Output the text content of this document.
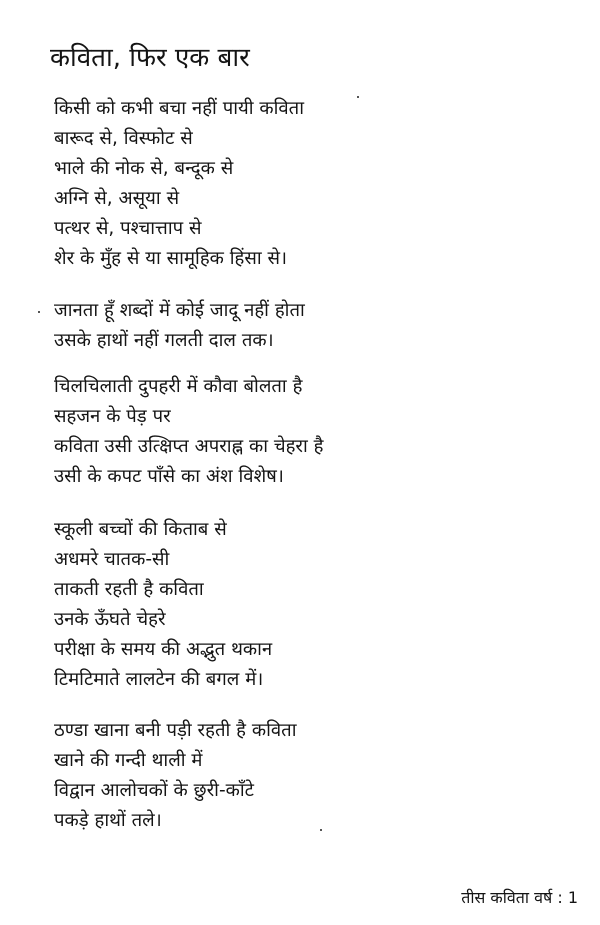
कविता, फिर एक बार
किसी को कभी बचा नहीं पायी कविता
बारूद से, विस्फोट से
भाले की नोक से, बन्दूक से
अग्नि से, असूया से
पत्थर से, पश्चात्ताप से
शेर के मुँह से या सामूहिक हिंसा से।
जानता हूँ शब्दों में कोई जादू नहीं होता
उसके हाथों नहीं गलती दाल तक।
चिलचिलाती दुपहरी में कौवा बोलता है
सहजन के पेड़ पर
कविता उसी उत्क्षिप्त अपराह्न का चेहरा है
उसी के कपट पाँसे का अंश विशेष।
स्कूली बच्चों की किताब से
अधमरे चातक-सी
ताकती रहती है कविता
उनके ऊँघते चेहरे
परीक्षा के समय की अद्भुत थकान
टिमटिमाते लालटेन की बगल में।
ठण्डा खाना बनी पड़ी रहती है कविता
खाने की गन्दी थाली में
विद्वान आलोचकों के छुरी-काँटे
पकड़े हाथों तले।
तीस कविता वर्ष : 1
